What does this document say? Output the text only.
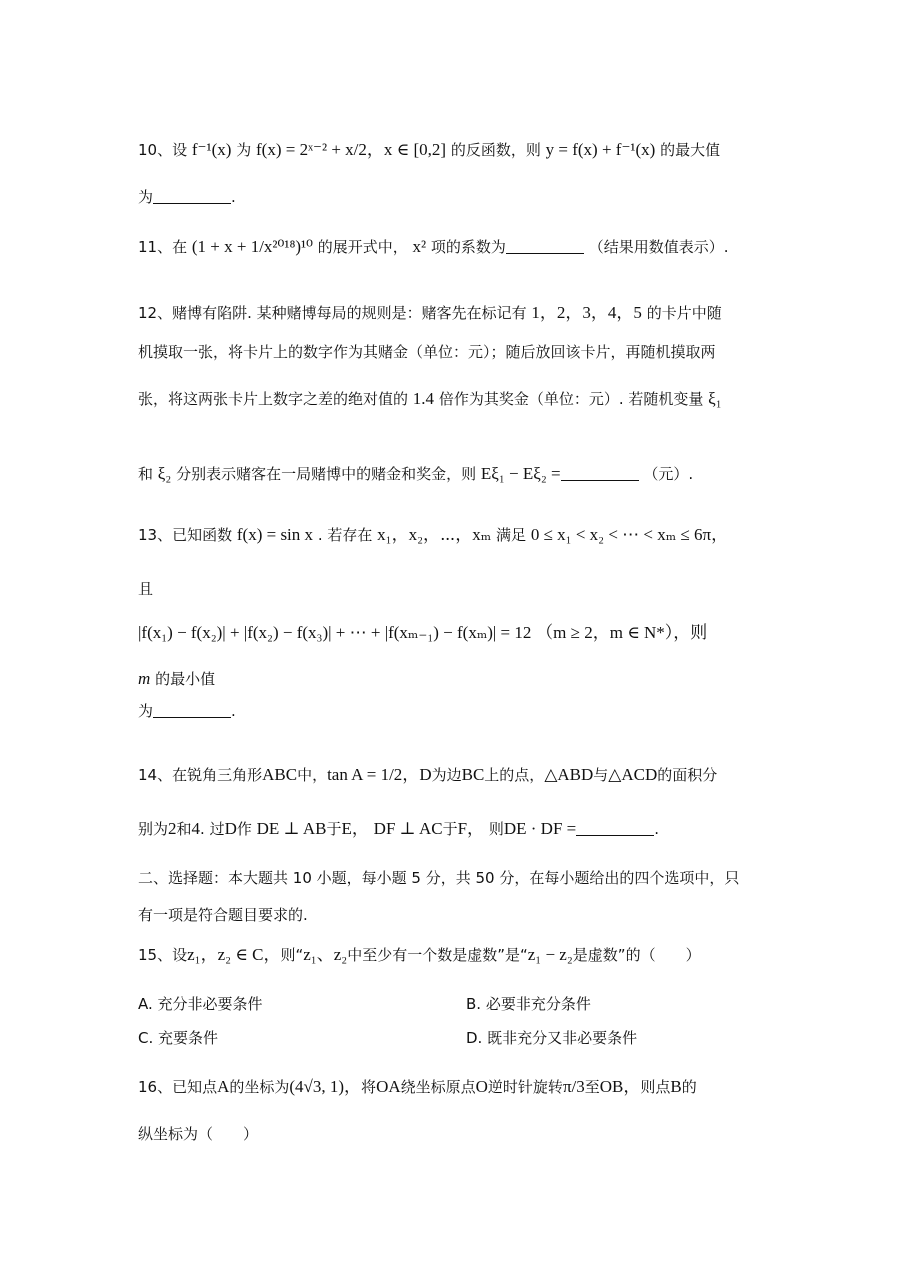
10、设 f⁻¹(x) 为 f(x) = 2ˣ⁻² + x/2，x ∈ [0,2] 的反函数，则 y = f(x) + f⁻¹(x) 的最大值
为	.
11、在 (1 + x + 1/x²⁰¹⁸)¹⁰ 的展开式中， x² 项的系数为	（结果用数值表示）.
12、赌博有陷阱. 某种赌博每局的规则是：赌客先在标记有 1，2，3，4，5 的卡片中随
机摸取一张，将卡片上的数字作为其赌金（单位：元）；随后放回该卡片，再随机摸取两
张，将这两张卡片上数字之差的绝对值的 1.4 倍作为其奖金（单位：元）. 若随机变量 ξ₁
和 ξ₂ 分别表示赌客在一局赌博中的赌金和奖金，则 Eξ₁ − Eξ₂ =	（元）.
13、已知函数 f(x) = sin x . 若存在 x₁，x₂，⋯，xₘ 满足 0 ≤ x₁ < x₂ < ⋯ < xₘ ≤ 6π，
且
|f(x₁) − f(x₂)| + |f(x₂) − f(x₃)| + ⋯ + |f(xₘ₋₁) − f(xₘ)| = 12 （m ≥ 2，m ∈ N*），则
m 的最小值
为	.
14、在锐角三角形ABC中，tan A = 1/2，D为边BC上的点，△ABD与△ACD的面积分
别为2和4. 过D作 DE ⊥ AB于E， DF ⊥ AC于F， 则DE · DF =	.
二、选择题：本大题共 10 小题，每小题 5 分，共 50 分，在每小题给出的四个选项中，只
有一项是符合题目要求的.
15、设z₁，z₂ ∈ C，则“z₁、z₂中至少有一个数是虚数”是“z₁ − z₂是虚数”的（　　）
A. 充分非必要条件	B. 必要非充分条件
C. 充要条件	D. 既非充分又非必要条件
16、已知点A的坐标为(4√3, 1)，将OA绕坐标原点O逆时针旋转π/3至OB，则点B的
纵坐标为（　　）
